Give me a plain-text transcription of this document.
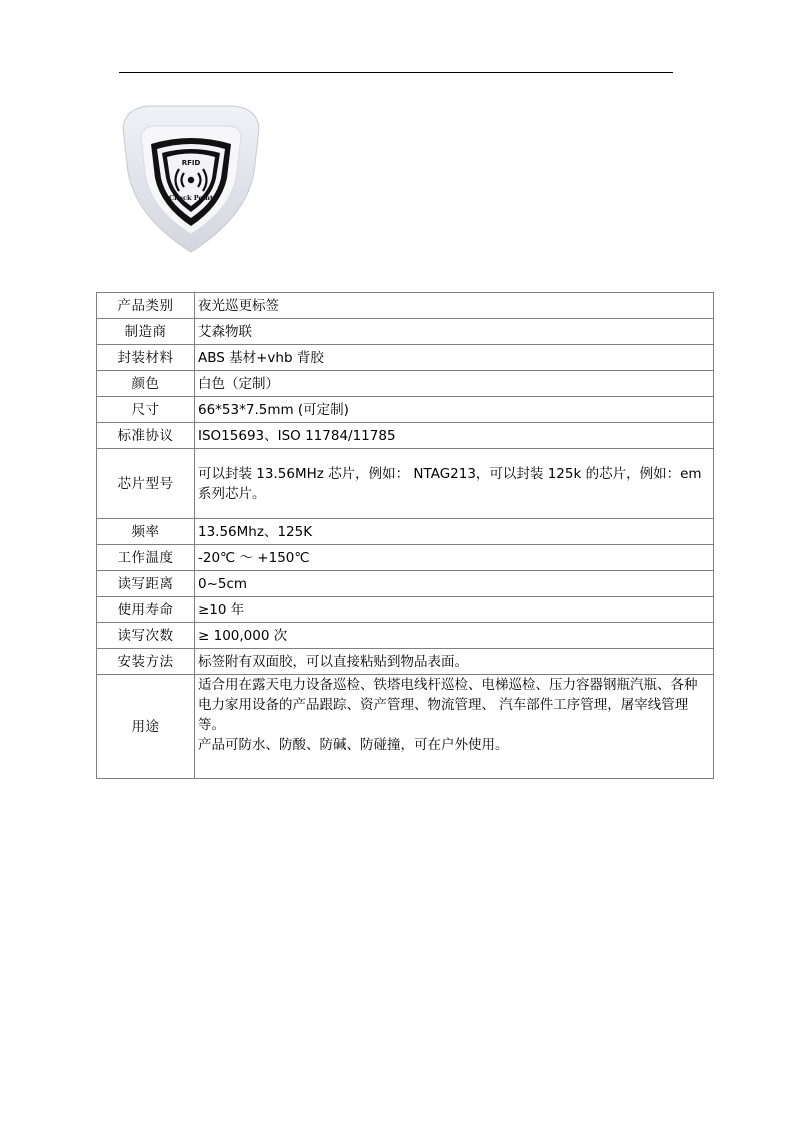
RFID
Check Point
产品类别	夜光巡更标签

制造商	艾森物联

封装材料	ABS 基材+vhb 背胶

颜色	白色（定制）

尺寸	66*53*7.5mm (可定制)

标准协议	ISO15693、ISO 11784/11785

芯片型号	可以封装 13.56MHz 芯片，例如： NTAG213，可以封装 125k 的芯片，例如：em 系列芯片。

频率	13.56Mhz、125K

工作温度	-20℃ ～ +150℃

读写距离	0~5cm

使用寿命	≥10 年

读写次数	≥ 100,000 次

安装方法	标签附有双面胶，可以直接粘贴到物品表面。

用途	适合用在露天电力设备巡检、铁塔电线杆巡检、电梯巡检、压力容器钢瓶汽瓶、各种电力家用设备的产品跟踪、资产管理、物流管理、 汽车部件工序管理，屠宰线管理等。
产品可防水、防酸、防碱、防碰撞，可在户外使用。
